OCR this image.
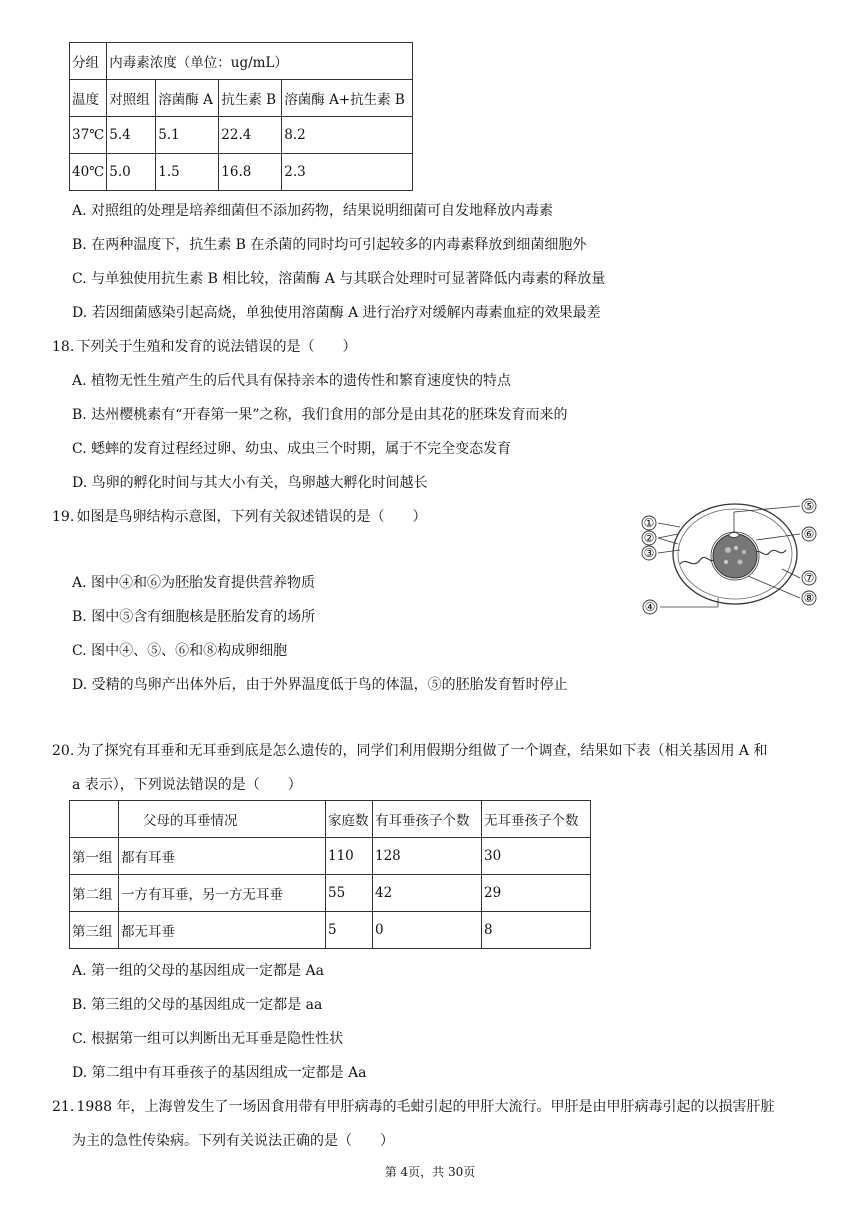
分组	内毒素浓度（单位：ug/mL）			
温度	对照组	溶菌酶 A	抗生素 B	溶菌酶 A+抗生素 B
37℃	5.4	5.1	22.4	8.2
40℃	5.0	1.5	16.8	2.3
A. 对照组的处理是培养细菌但不添加药物，结果说明细菌可自发地释放内毒素
B. 在两种温度下，抗生素 B 在杀菌的同时均可引起较多的内毒素释放到细菌细胞外
C. 与单独使用抗生素 B 相比较，溶菌酶 A 与其联合处理时可显著降低内毒素的释放量
D. 若因细菌感染引起高烧，单独使用溶菌酶 A 进行治疗对缓解内毒素血症的效果最差
18. 下列关于生殖和发育的说法错误的是（　　）
A. 植物无性生殖产生的后代具有保持亲本的遗传性和繁育速度快的特点
B. 达州樱桃素有“开春第一果”之称，我们食用的部分是由其花的胚珠发育而来的
C. 蟋蟀的发育过程经过卵、幼虫、成虫三个时期，属于不完全变态发育
D. 鸟卵的孵化时间与其大小有关，鸟卵越大孵化时间越长
19. 如图是鸟卵结构示意图，下列有关叙述错误的是（　　）
A. 图中④和⑥为胚胎发育提供营养物质
B. 图中⑤含有细胞核是胚胎发育的场所
C. 图中④、⑤、⑥和⑧构成卵细胞
D. 受精的鸟卵产出体外后，由于外界温度低于鸟的体温，⑤的胚胎发育暂时停止
①
②
③
④
⑤
⑥
⑦
⑧
20. 为了探究有耳垂和无耳垂到底是怎么遗传的，同学们利用假期分组做了一个调查，结果如下表（相关基因用 A 和
a 表示），下列说法错误的是（　　）
	父母的耳垂情况	家庭数	有耳垂孩子个数	无耳垂孩子个数
第一组	都有耳垂	110	128	30
第二组	一方有耳垂，另一方无耳垂	55	42	29
第三组	都无耳垂	5	0	8
A. 第一组的父母的基因组成一定都是 Aa
B. 第三组的父母的基因组成一定都是 aa
C. 根据第一组可以判断出无耳垂是隐性性状
D. 第二组中有耳垂孩子的基因组成一定都是 Aa
21. 1988 年，上海曾发生了一场因食用带有甲肝病毒的毛蚶引起的甲肝大流行。甲肝是由甲肝病毒引起的以损害肝脏
为主的急性传染病。下列有关说法正确的是（　　）
第 4页，共 30页
